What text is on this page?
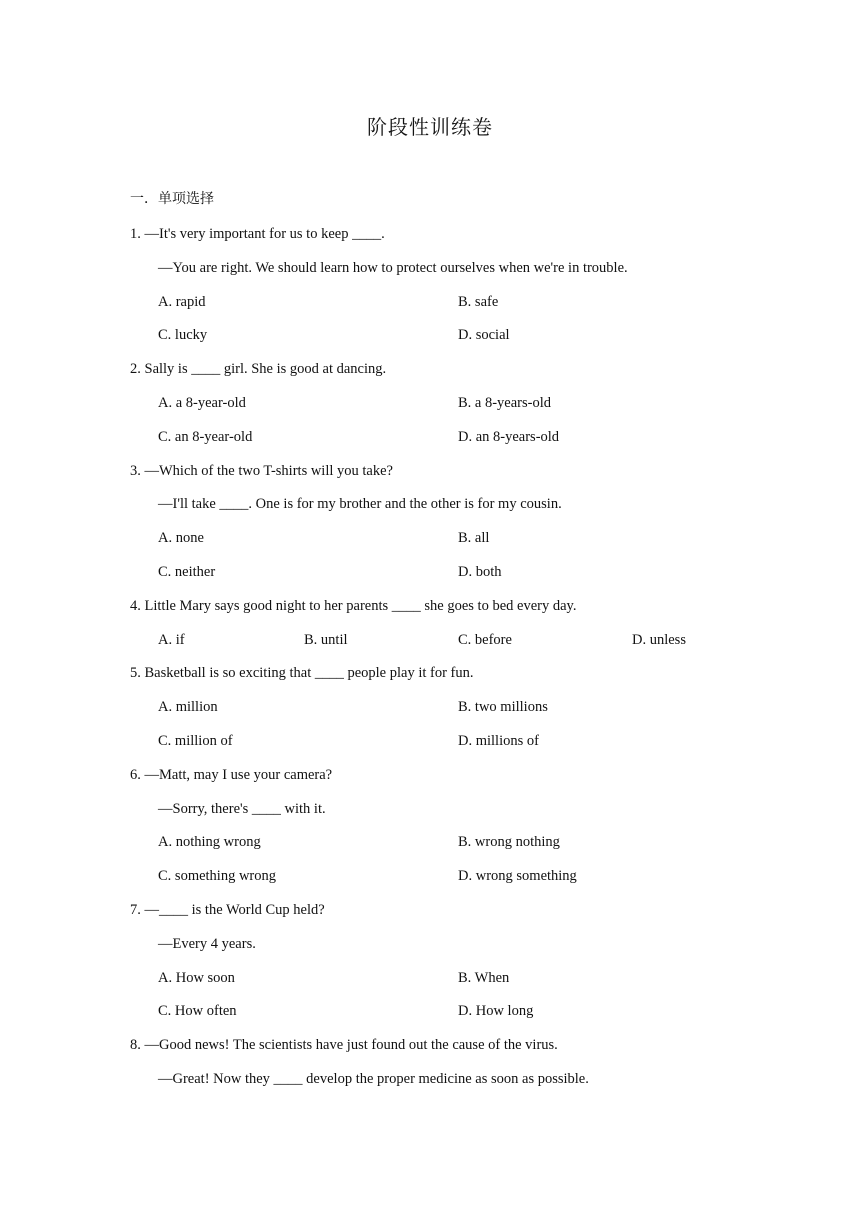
阶段性训练卷
一．单项选择
1. —It's very important for us to keep ____.
—You are right. We should learn how to protect ourselves when we're in trouble.
A. rapid	B. safe
C. lucky	D. social
2. Sally is ____ girl. She is good at dancing.
A. a 8-year-old	B. a 8-years-old
C. an 8-year-old	D. an 8-years-old
3. —Which of the two T-shirts will you take?
—I'll take ____. One is for my brother and the other is for my cousin.
A. none	B. all
C. neither	D. both
4. Little Mary says good night to her parents ____ she goes to bed every day.
A. if	B. until	C. before	D. unless
5. Basketball is so exciting that ____ people play it for fun.
A. million	B. two millions
C. million of	D. millions of
6. —Matt, may I use your camera?
—Sorry, there's ____ with it.
A. nothing wrong	B. wrong nothing
C. something wrong	D. wrong something
7. —____ is the World Cup held?
—Every 4 years.
A. How soon	B. When
C. How often	D. How long
8. —Good news! The scientists have just found out the cause of the virus.
—Great! Now they ____ develop the proper medicine as soon as possible.
